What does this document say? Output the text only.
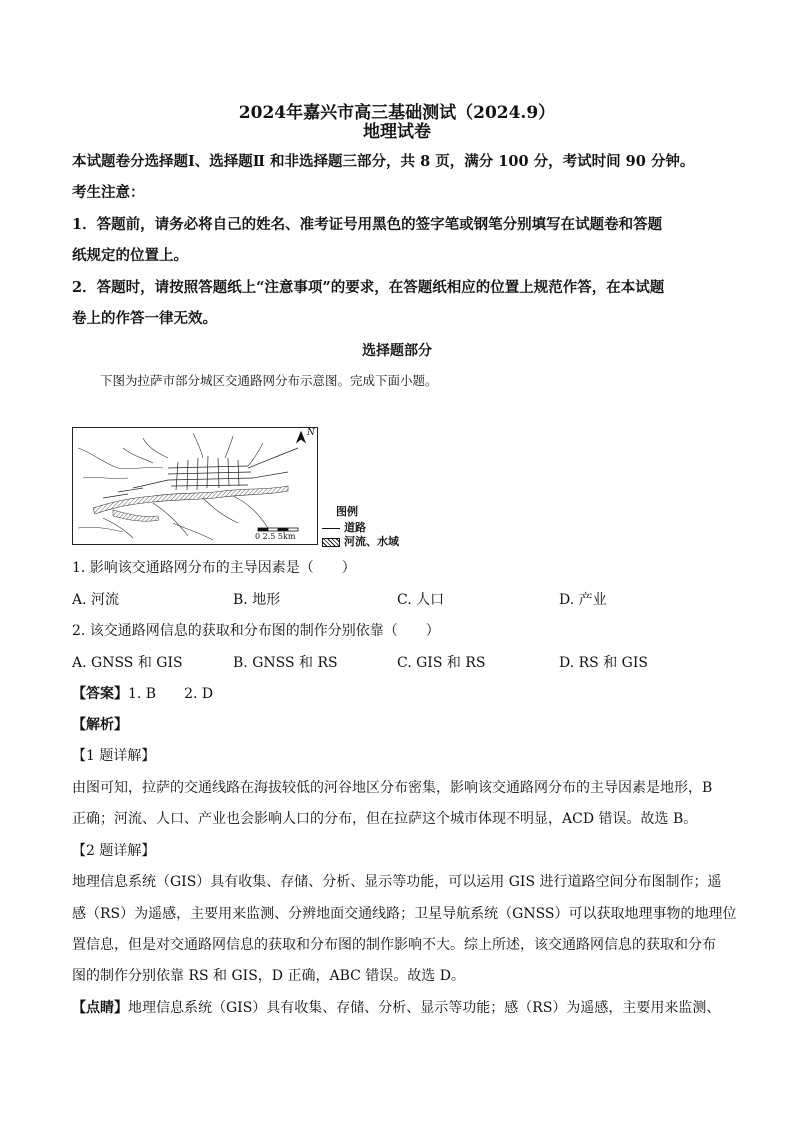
2024年嘉兴市高三基础测试（2024.9）
地理试卷
本试题卷分选择题Ⅰ、选择题Ⅱ 和非选择题三部分，共 8 页，满分 100 分，考试时间 90 分钟。
考生注意：
1．答题前，请务必将自己的姓名、准考证号用黑色的签字笔或钢笔分别填写在试题卷和答题
纸规定的位置上。
2．答题时，请按照答题纸上“注意事项”的要求，在答题纸相应的位置上规范作答，在本试题
卷上的作答一律无效。
选择题部分
下图为拉萨市部分城区交通路网分布示意图。完成下面小题。
N
0 2.5 5km
图例
道路
河流、水域
1. 影响该交通路网分布的主导因素是（　　）
A. 河流	B. 地形	C. 人口	D. 产业
2. 该交通路网信息的获取和分布图的制作分别依靠（　　）
A. GNSS 和 GIS	B. GNSS 和 RS	C. GIS 和 RS	D. RS 和 GIS
【答案】1. B　　2. D
【解析】
【1 题详解】
由图可知，拉萨的交通线路在海拔较低的河谷地区分布密集，影响该交通路网分布的主导因素是地形，B
正确；河流、人口、产业也会影响人口的分布，但在拉萨这个城市体现不明显，ACD 错误。故选 B。
【2 题详解】
地理信息系统（GIS）具有收集、存储、分析、显示等功能，可以运用 GIS 进行道路空间分布图制作；遥
感（RS）为遥感，主要用来监测、分辨地面交通线路；卫星导航系统（GNSS）可以获取地理事物的地理位
置信息，但是对交通路网信息的获取和分布图的制作影响不大。综上所述，该交通路网信息的获取和分布
图的制作分别依靠 RS 和 GIS，D 正确，ABC 错误。故选 D。
【点睛】地理信息系统（GIS）具有收集、存储、分析、显示等功能；感（RS）为遥感，主要用来监测、
